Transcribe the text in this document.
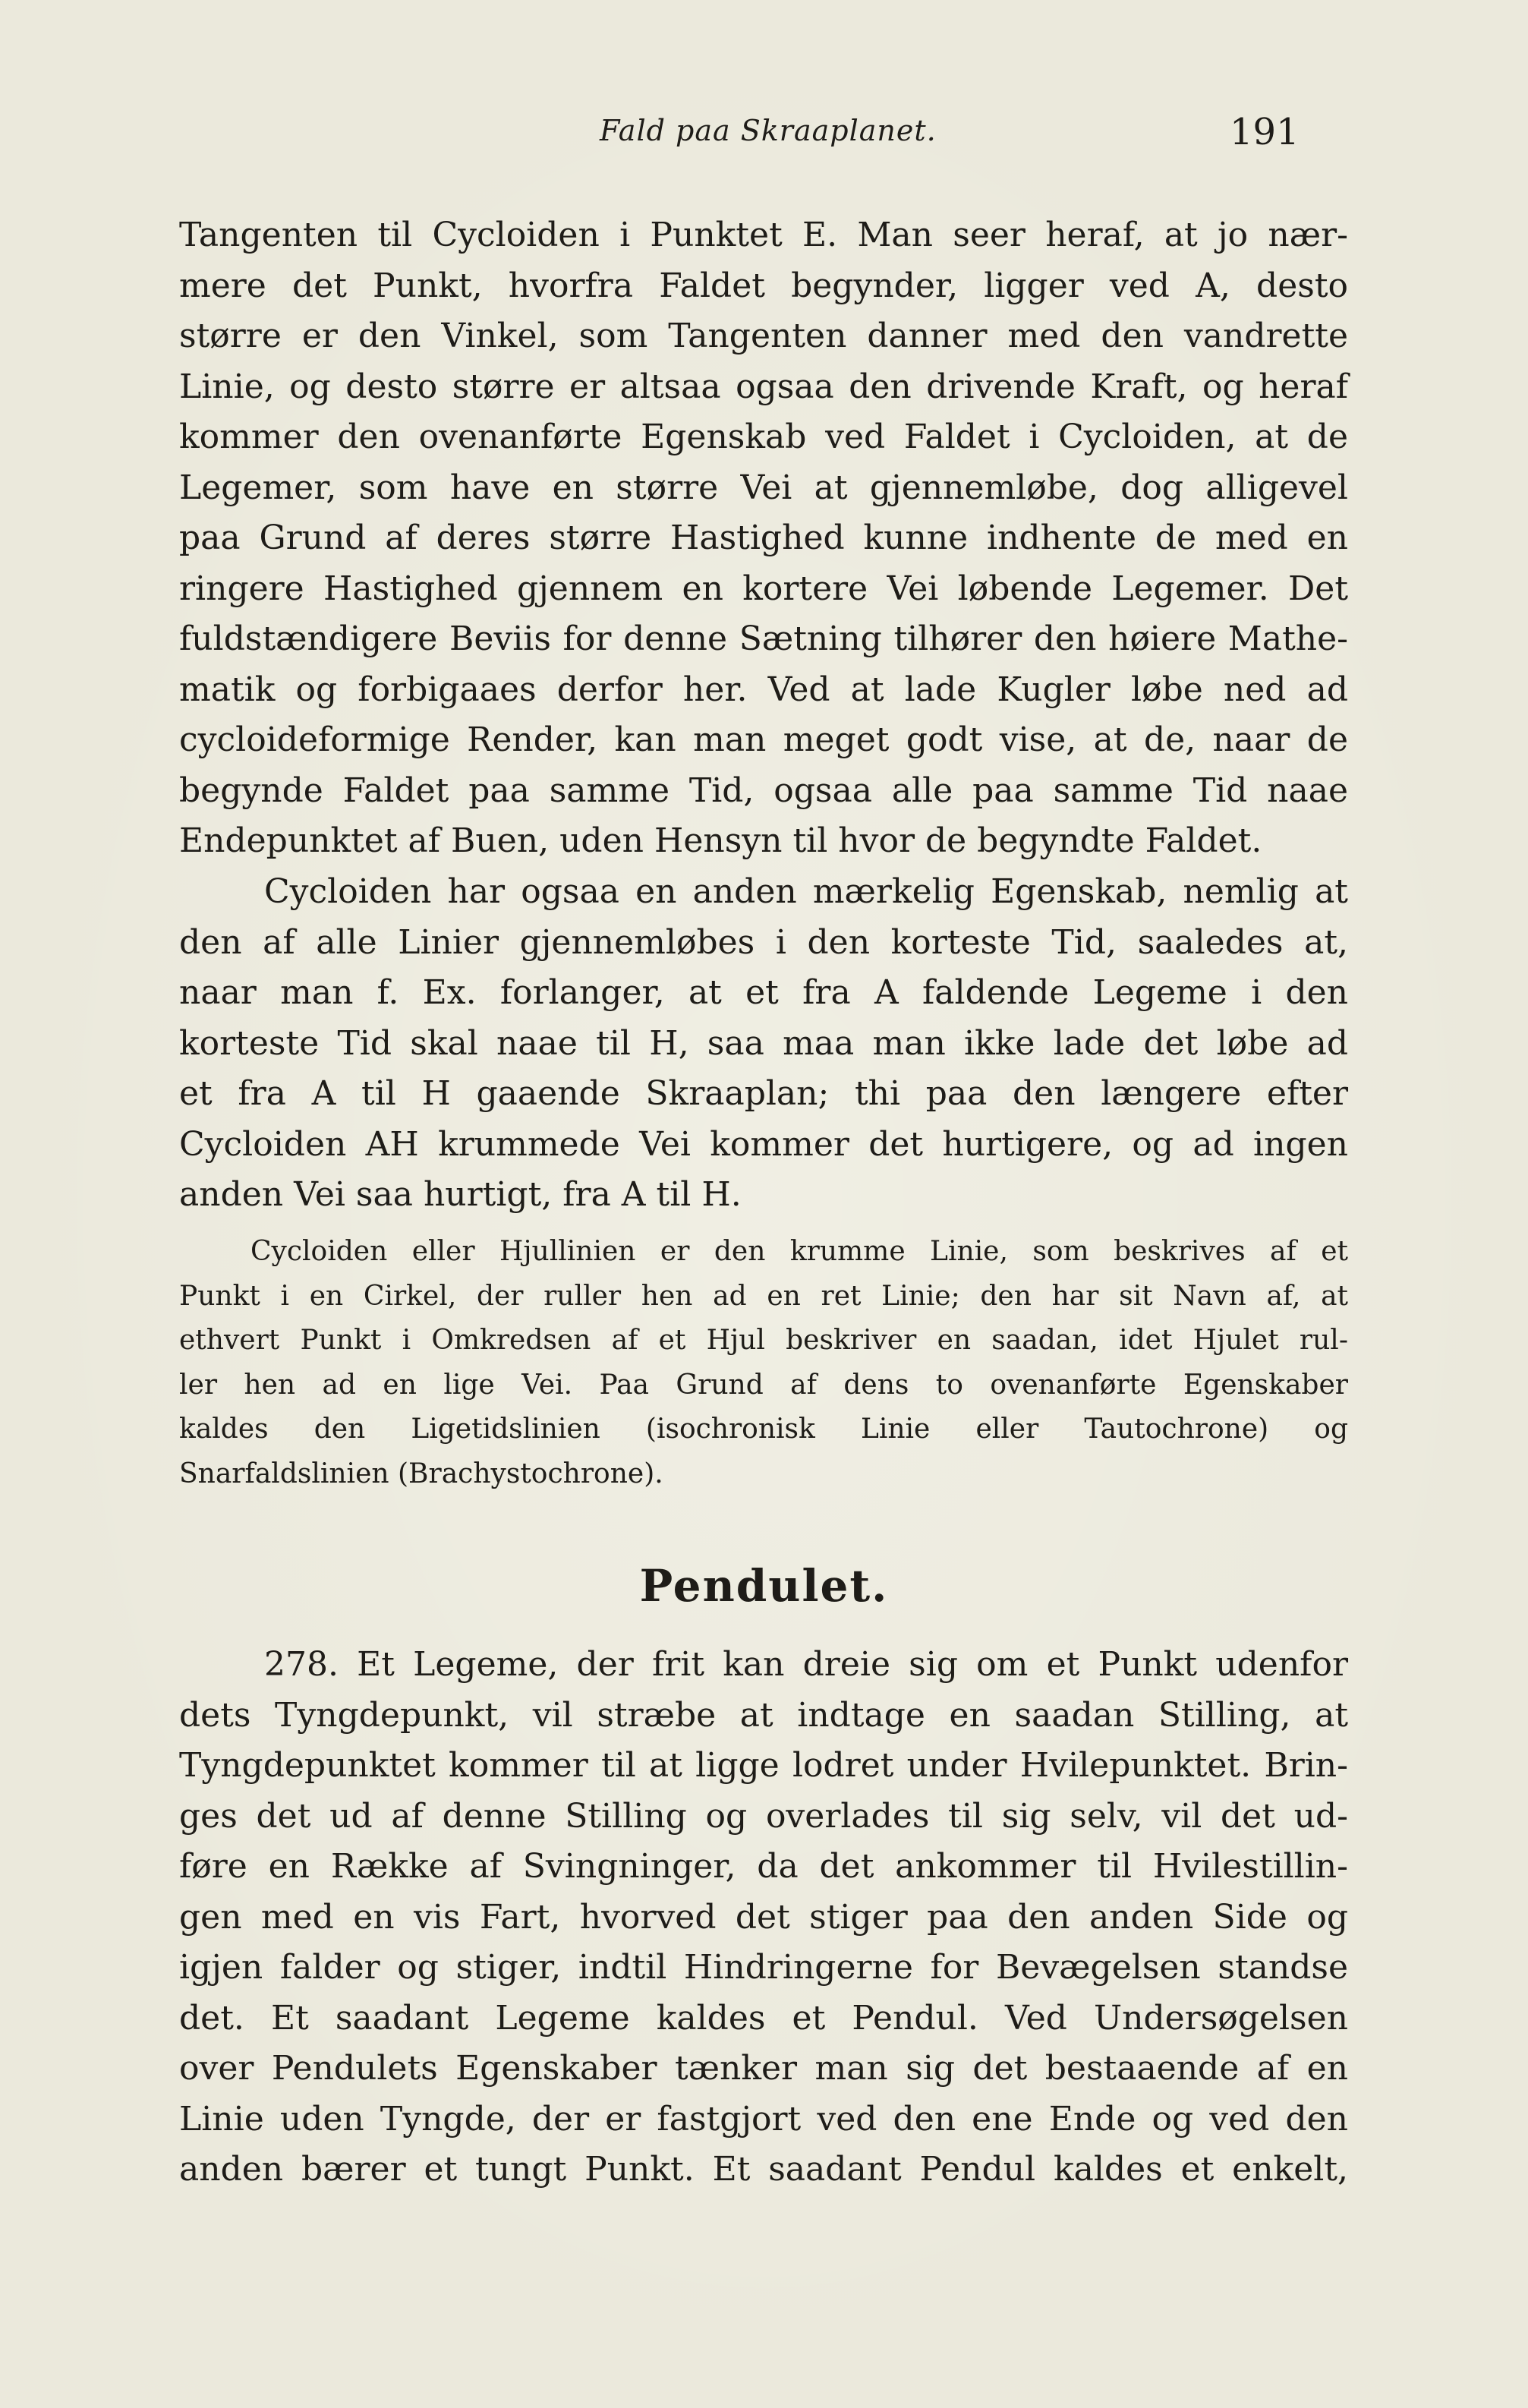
Fald paa Skraaplanet.	191
Tangenten til Cycloiden i Punktet E. Man seer heraf, at jo nær-
mere det Punkt, hvorfra Faldet begynder, ligger ved A, desto
større er den Vinkel, som Tangenten danner med den vandrette
Linie, og desto større er altsaa ogsaa den drivende Kraft, og heraf
kommer den ovenanførte Egenskab ved Faldet i Cycloiden, at de
Legemer, som have en større Vei at gjennemløbe, dog alligevel
paa Grund af deres større Hastighed kunne indhente de med en
ringere Hastighed gjennem en kortere Vei løbende Legemer. Det
fuldstændigere Beviis for denne Sætning tilhører den høiere Mathe-
matik og forbigaaes derfor her. Ved at lade Kugler løbe ned ad
cycloideformige Render, kan man meget godt vise, at de, naar de
begynde Faldet paa samme Tid, ogsaa alle paa samme Tid naae
Endepunktet af Buen, uden Hensyn til hvor de begyndte Faldet.
Cycloiden har ogsaa en anden mærkelig Egenskab, nemlig at
den af alle Linier gjennemløbes i den korteste Tid, saaledes at,
naar man f. Ex. forlanger, at et fra A faldende Legeme i den
korteste Tid skal naae til H, saa maa man ikke lade det løbe ad
et fra A til H gaaende Skraaplan; thi paa den længere efter
Cycloiden AH krummede Vei kommer det hurtigere, og ad ingen
anden Vei saa hurtigt, fra A til H.
Cycloiden eller Hjullinien er den krumme Linie, som beskrives af et
Punkt i en Cirkel, der ruller hen ad en ret Linie; den har sit Navn af, at
ethvert Punkt i Omkredsen af et Hjul beskriver en saadan, idet Hjulet rul-
ler hen ad en lige Vei. Paa Grund af dens to ovenanførte Egenskaber
kaldes den Ligetidslinien (isochronisk Linie eller Tautochrone) og
Snarfaldslinien (Brachystochrone).
Pendulet.
278. Et Legeme, der frit kan dreie sig om et Punkt udenfor
dets Tyngdepunkt, vil stræbe at indtage en saadan Stilling, at
Tyngdepunktet kommer til at ligge lodret under Hvilepunktet. Brin-
ges det ud af denne Stilling og overlades til sig selv, vil det ud-
føre en Række af Svingninger, da det ankommer til Hvilestillin-
gen med en vis Fart, hvorved det stiger paa den anden Side og
igjen falder og stiger, indtil Hindringerne for Bevægelsen standse
det. Et saadant Legeme kaldes et Pendul. Ved Undersøgelsen
over Pendulets Egenskaber tænker man sig det bestaaende af en
Linie uden Tyngde, der er fastgjort ved den ene Ende og ved den
anden bærer et tungt Punkt. Et saadant Pendul kaldes et enkelt,
